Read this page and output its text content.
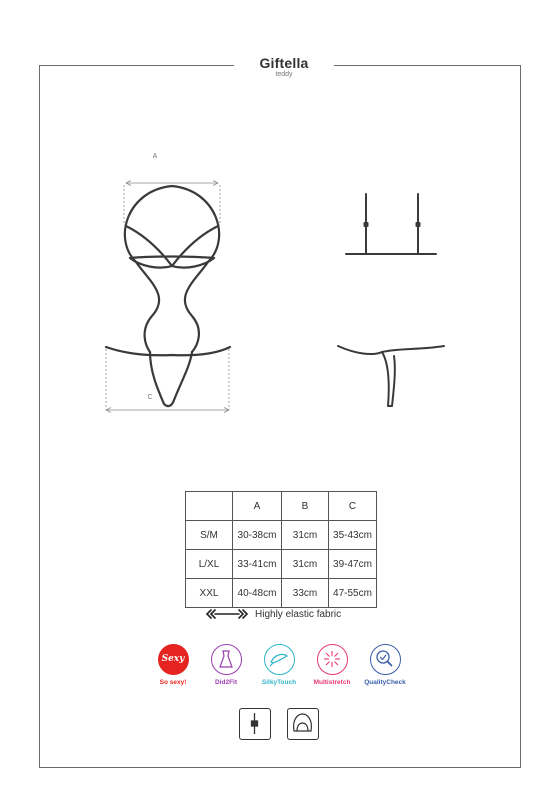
Giftella
teddy
A
C
	A	B	C
S/M	30-38cm	31cm	35-43cm
L/XL	33-41cm	31cm	39-47cm
XXL	40-48cm	33cm	47-55cm
Highly elastic fabric
Sexy
So sexy!	Did2Fit	SilkyTouch	Multistretch	QualityCheck
